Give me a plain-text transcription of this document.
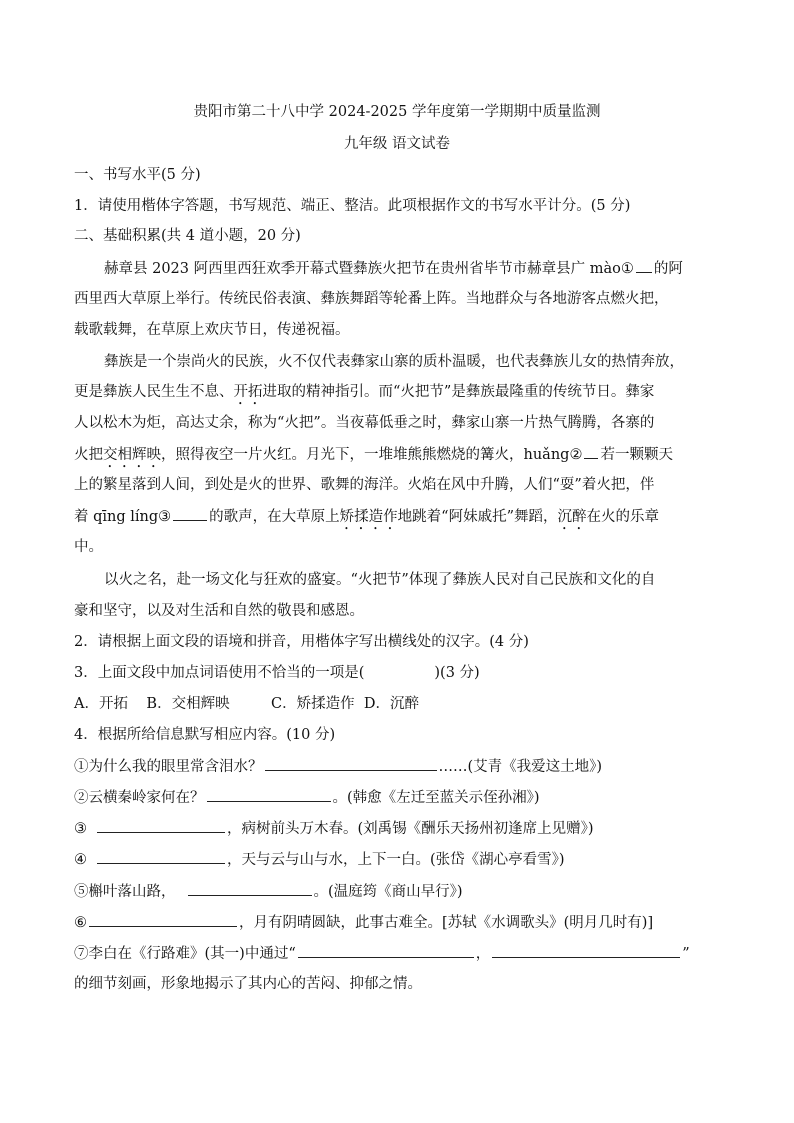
贵阳市第二十八中学 2024-2025 学年度第一学期期中质量监测
九年级 语文试卷
一、书写水平(5 分)
1．请使用楷体字答题，书写规范、端正、整洁。此项根据作文的书写水平计分。(5 分)
二、基础积累(共 4 道小题，20 分)
赫章县 2023 阿西里西狂欢季开幕式暨彝族火把节在贵州省毕节市赫章县广 mào① 的阿
西里西大草原上举行。传统民俗表演、彝族舞蹈等轮番上阵。当地群众与各地游客点燃火把，
载歌载舞，在草原上欢庆节日，传递祝福。
彝族是一个崇尚火的民族，火不仅代表彝家山寨的质朴温暖，也代表彝族儿女的热情奔放，
更是彝族人民生生不息、开拓进取的精神指引。而“火把节”是彝族最隆重的传统节日。彝家
人以松木为炬，高达丈余，称为“火把”。当夜幕低垂之时，彝家山寨一片热气腾腾，各寨的
火把交相辉映，照得夜空一片火红。月光下，一堆堆熊熊燃烧的篝火，huǎng② 若一颗颗天
上的繁星落到人间，到处是火的世界、歌舞的海洋。火焰在风中升腾，人们“耍”着火把，伴
着 qīng líng③	的歌声，在大草原上矫揉造作地跳着“阿妹戚托”舞蹈，沉醉在火的乐章
中。
以火之名，赴一场文化与狂欢的盛宴。“火把节”体现了彝族人民对自己民族和文化的自
豪和坚守，以及对生活和自然的敬畏和感恩。
2．请根据上面文段的语境和拼音，用楷体字写出横线处的汉字。(4 分)
3．上面文段中加点词语使用不恰当的一项是(	)(3 分)
A．开拓    B．交相辉映         C．矫揉造作  D．沉醉
4．根据所给信息默写相应内容。(10 分)
①为什么我的眼里常含泪水？	……(艾青《我爱这土地》)
②云横秦岭家何在？	。(韩愈《左迁至蓝关示侄孙湘》)
③	，病树前头万木春。(刘禹锡《酬乐天扬州初逢席上见赠》)
④	，天与云与山与水，上下一白。(张岱《湖心亭看雪》)
⑤槲叶落山路，	。(温庭筠《商山早行》)
⑥	，月有阴晴圆缺，此事古难全。[苏轼《水调歌头》(明月几时有)]
⑦李白在《行路难》(其一)中通过“	，	”
的细节刻画，形象地揭示了其内心的苦闷、抑郁之情。
